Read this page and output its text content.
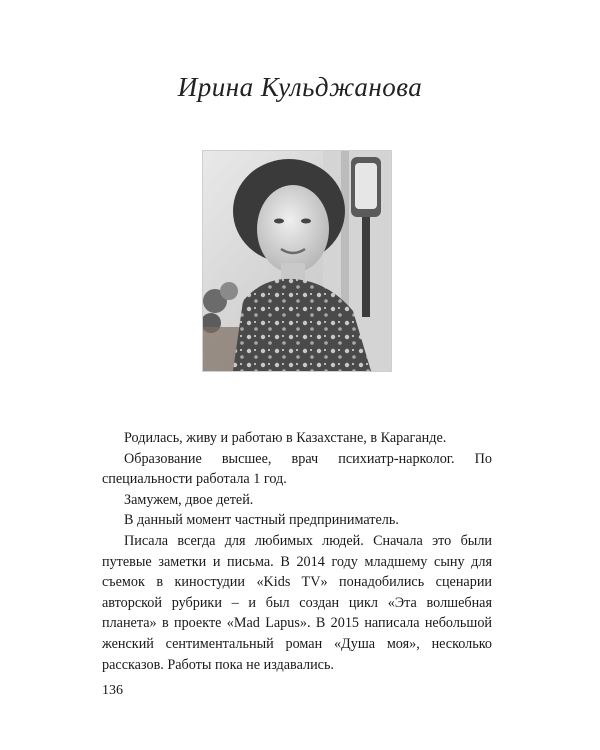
Ирина Кульджанова

Родилась, живу и работаю в Казахстане, в Караганде.

Образование высшее, врач психиатр-нарколог. По специальности работала 1 год.

Замужем, двое детей.

В данный момент частный предприниматель.

Писала всегда для любимых людей. Сначала это были путевые заметки и письма. В 2014 году младшему сыну для съемок в киностудии «Kids TV» понадобились сценарии авторской рубрики – и был создан цикл «Эта волшебная планета» в проекте «Mad Lapus». В 2015 написала небольшой женский сентиментальный роман «Душа моя», несколько рассказов. Работы пока не издавались.

136
